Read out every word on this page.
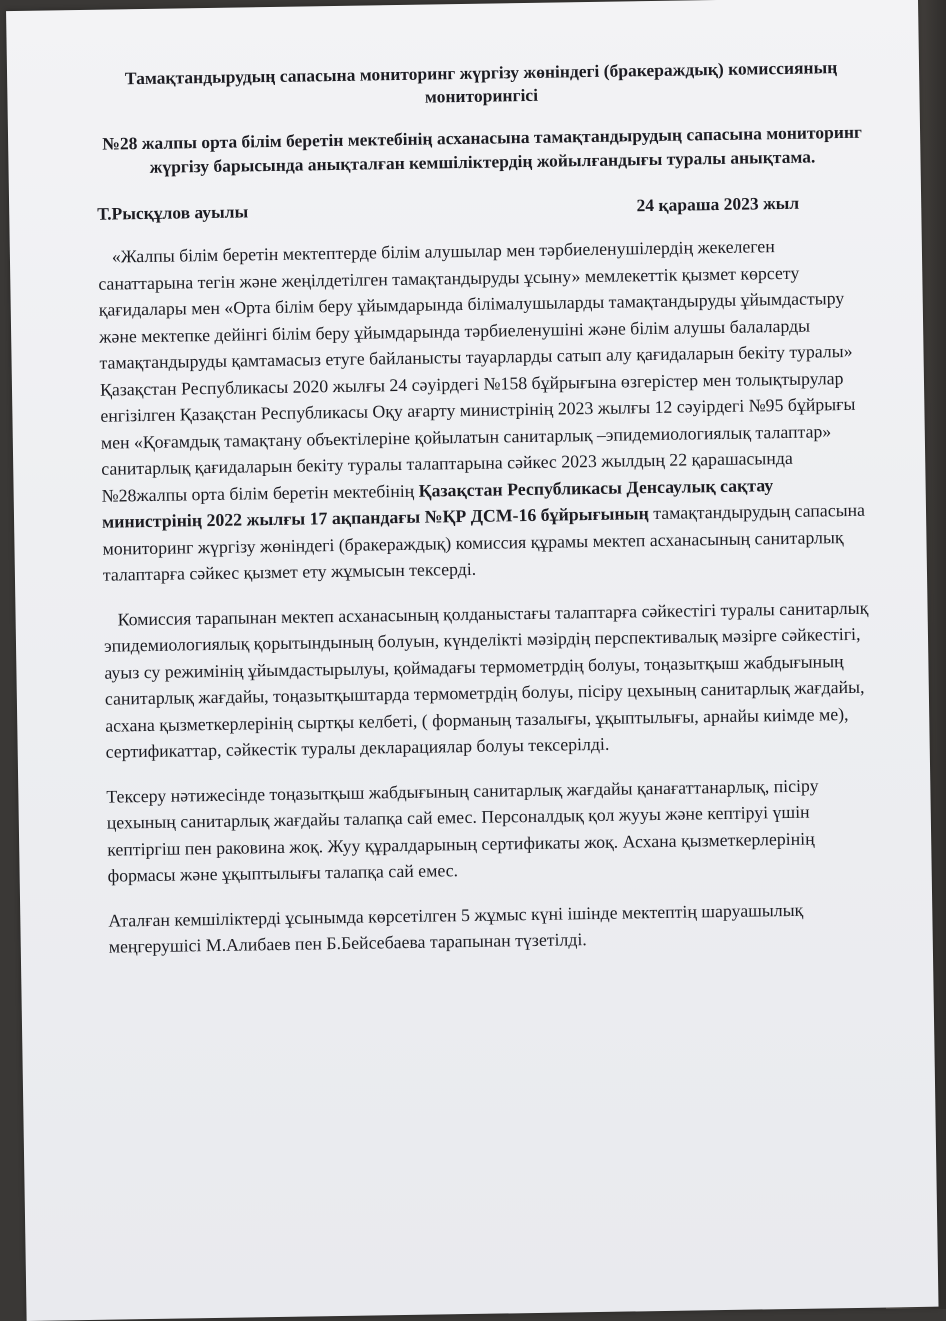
Тамақтандырудың сапасына мониторинг жүргізу жөніндегі (бракераждық) комиссияның мониторингісі
№28 жалпы орта білім беретін мектебінің асханасына тамақтандырудың сапасына мониторинг жүргізу барысында анықталған кемшіліктердің жойылғандығы туралы анықтама.
Т.Рысқұлов ауылы	24 қараша 2023 жыл

«Жалпы білім беретін мектептерде білім алушылар мен тәрбиеленушілердің жекелеген санаттарына тегін және жеңілдетілген тамақтандыруды ұсыну» мемлекеттік қызмет көрсету қағидалары мен «Орта білім беру ұйымдарында білімалушыларды тамақтандыруды ұйымдастыру және мектепке дейінгі білім беру ұйымдарында тәрбиеленушіні және білім алушы балаларды тамақтандыруды қамтамасыз етуге байланысты тауарларды сатып алу қағидаларын бекіту туралы» Қазақстан Республикасы 2020 жылғы 24 сәуірдегі №158 бұйрығына өзгерістер мен толықтырулар енгізілген Қазақстан Республикасы Оқу ағарту министрінің 2023 жылғы 12 сәуірдегі №95 бұйрығы мен «Қоғамдық тамақтану объектілеріне қойылатын санитарлық –эпидемиологиялық талаптар» санитарлық қағидаларын бекіту туралы талаптарына сәйкес 2023 жылдың 22 қарашасында №28жалпы орта білім беретін мектебінің Қазақстан Республикасы Денсаулық сақтау министрінің 2022 жылғы 17 ақпандағы №ҚР ДСМ-16 бұйрығының тамақтандырудың сапасына мониторинг жүргізу жөніндегі (бракераждық) комиссия құрамы мектеп асханасының санитарлық талаптарға сәйкес қызмет ету жұмысын тексерді.

Комиссия тарапынан мектеп асханасының қолданыстағы талаптарға сәйкестігі туралы санитарлық эпидемиологиялық қорытындының болуын, күнделікті мәзірдің перспективалық мәзірге сәйкестігі, ауыз су режимінің ұйымдастырылуы, қоймадағы термометрдің болуы, тоңазытқыш жабдығының санитарлық жағдайы, тоңазытқыштарда термометрдің болуы, пісіру цехының санитарлық жағдайы, асхана қызметкерлерінің сыртқы келбеті, ( форманың тазалығы, ұқыптылығы, арнайы киімде ме), сертификаттар, сәйкестік туралы декларациялар болуы тексерілді.

Тексеру нәтижесінде тоңазытқыш жабдығының санитарлық жағдайы қанағаттанарлық, пісіру цехының санитарлық жағдайы талапқа сай емес. Персоналдық қол жууы және кептіруі үшін кептіргіш пен раковина жоқ. Жуу құралдарының сертификаты жоқ. Асхана қызметкерлерінің формасы және ұқыптылығы талапқа сай емес.

Аталған кемшіліктерді ұсынымда көрсетілген 5 жұмыс күні ішінде мектептің шаруашылық меңгерушісі М.Алибаев пен Б.Бейсебаева тарапынан түзетілді.
